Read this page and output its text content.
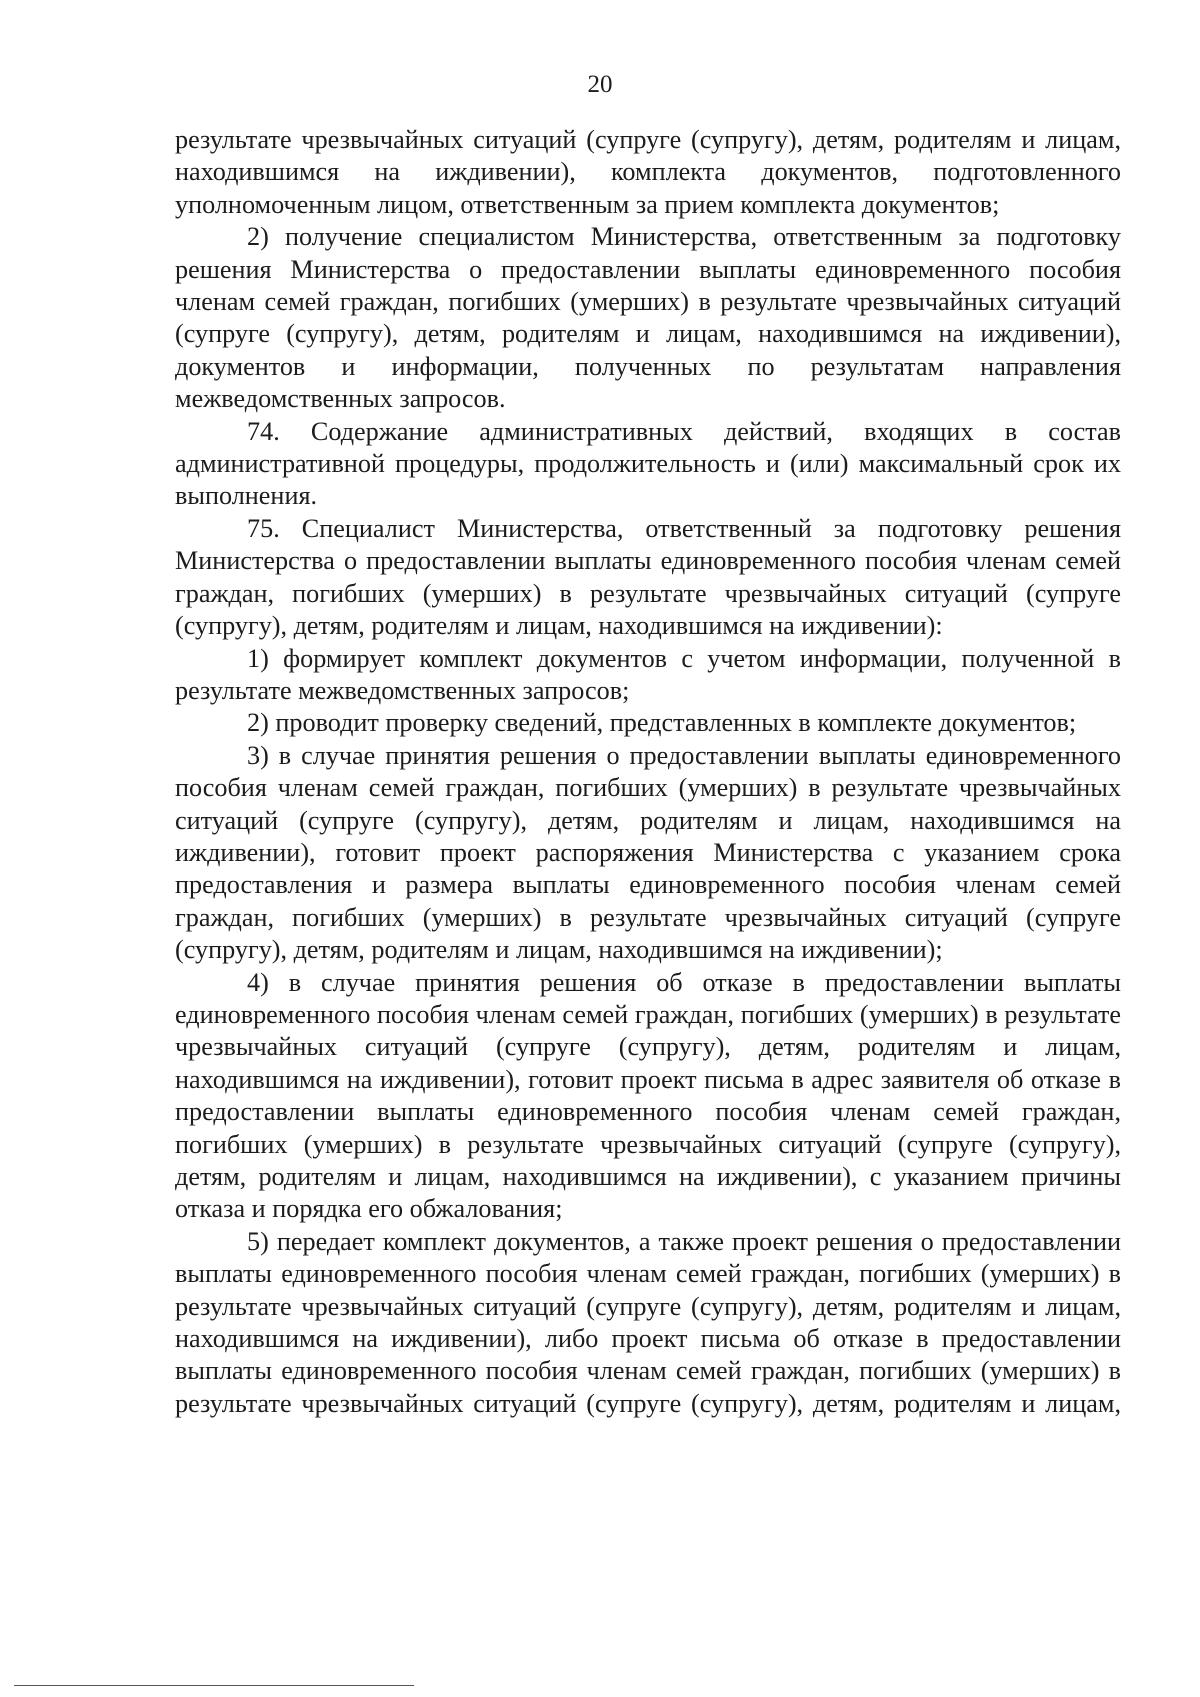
20

результате чрезвычайных ситуаций (супруге (супругу), детям, родителям и лицам, находившимся на иждивении), комплекта документов, подготовленного уполномоченным лицом, ответственным за прием комплекта документов;

2) получение специалистом Министерства, ответственным за подготовку решения Министерства о предоставлении выплаты единовременного пособия членам семей граждан, погибших (умерших) в результате чрезвычайных ситуаций (супруге (супругу), детям, родителям и лицам, находившимся на иждивении), документов и информации, полученных по результатам направления межведомственных запросов.

74. Содержание административных действий, входящих в состав административной процедуры, продолжительность и (или) максимальный срок их выполнения.

75. Специалист Министерства, ответственный за подготовку решения Министерства о предоставлении выплаты единовременного пособия членам семей граждан, погибших (умерших) в результате чрезвычайных ситуаций (супруге (супругу), детям, родителям и лицам, находившимся на иждивении):

1) формирует комплект документов с учетом информации, полученной в результате межведомственных запросов;

2) проводит проверку сведений, представленных в комплекте документов;

3) в случае принятия решения о предоставлении выплаты единовременного пособия членам семей граждан, погибших (умерших) в результате чрезвычайных ситуаций (супруге (супругу), детям, родителям и лицам, находившимся на иждивении), готовит проект распоряжения Министерства с указанием срока предоставления и размера выплаты единовременного пособия членам семей граждан, погибших (умерших) в результате чрезвычайных ситуаций (супруге (супругу), детям, родителям и лицам, находившимся на иждивении);

4) в случае принятия решения об отказе в предоставлении выплаты единовременного пособия членам семей граждан, погибших (умерших) в результате чрезвычайных ситуаций (супруге (супругу), детям, родителям и лицам, находившимся на иждивении), готовит проект письма в адрес заявителя об отказе в предоставлении выплаты единовременного пособия членам семей граждан, погибших (умерших) в результате чрезвычайных ситуаций (супруге (супругу), детям, родителям и лицам, находившимся на иждивении), с указанием причины отказа и порядка его обжалования;

5) передает комплект документов, а также проект решения о предоставлении выплаты единовременного пособия членам семей граждан, погибших (умерших) в результате чрезвычайных ситуаций (супруге (супругу), детям, родителям и лицам, находившимся на иждивении), либо проект письма об отказе в предоставлении выплаты единовременного пособия членам семей граждан, погибших (умерших) в результате чрезвычайных ситуаций (супруге (супругу), детям, родителям и лицам,
